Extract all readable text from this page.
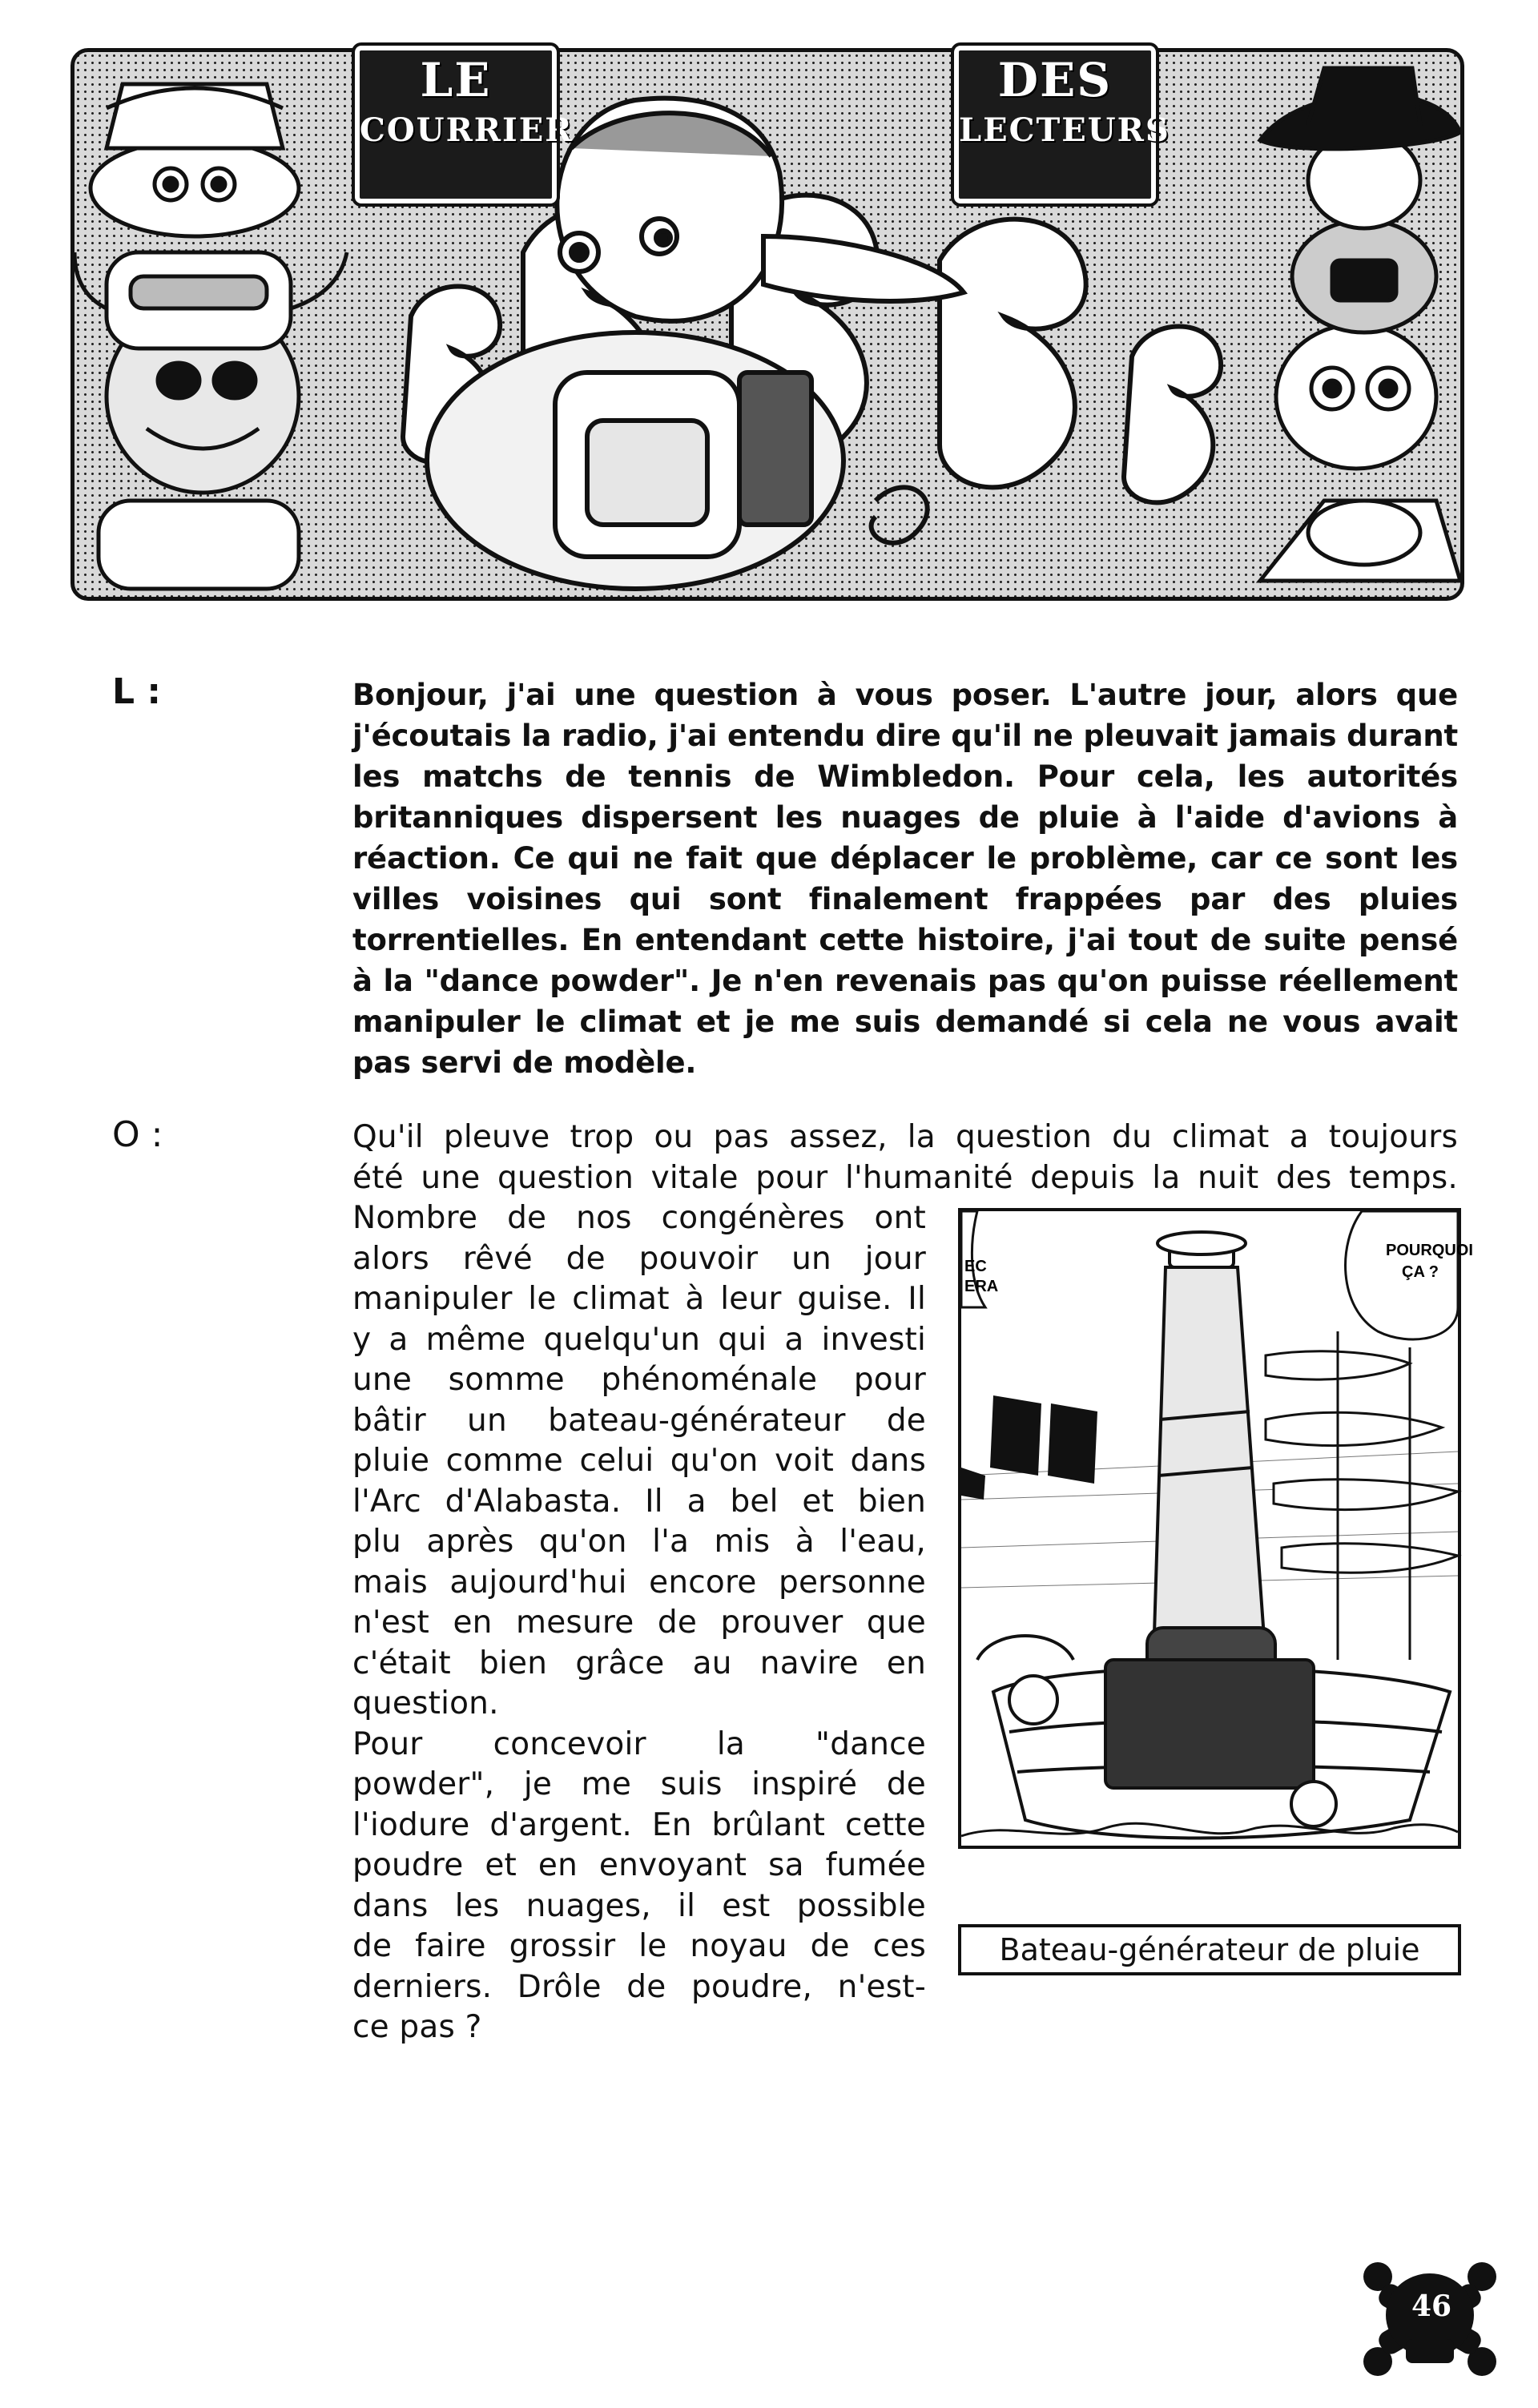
LE
COURRIER
DES
LECTEURS
L :	Bonjour, j'ai une question à vous poser. L'autre jour, alors que
j'écoutais la radio, j'ai entendu dire qu'il ne pleuvait jamais durant
les matchs de tennis de Wimbledon. Pour cela, les autorités
britanniques dispersent les nuages de pluie à l'aide d'avions à
réaction. Ce qui ne fait que déplacer le problème, car ce sont les
villes voisines qui sont finalement frappées par des pluies
torrentielles. En entendant cette histoire, j'ai tout de suite pensé
à la "dance powder". Je n'en revenais pas qu'on puisse réellement
manipuler le climat et je me suis demandé si cela ne vous avait
pas servi de modèle.
O :	Qu'il pleuve trop ou pas assez, la question du climat a toujours
été une question vitale pour l'humanité depuis la nuit des temps.
Nombre de nos congénères ont
alors rêvé de pouvoir un jour
manipuler le climat à leur guise. Il
y a même quelqu'un qui a investi
une somme phénoménale pour
bâtir un bateau-générateur de
pluie comme celui qu'on voit dans
l'Arc d'Alabasta. Il a bel et bien
plu après qu'on l'a mis à l'eau,
mais aujourd'hui encore personne
n'est en mesure de prouver que
c'était bien grâce au navire en
question.
Pour concevoir la "dance
powder", je me suis inspiré de
l'iodure d'argent. En brûlant cette
poudre et en envoyant sa fumée
dans les nuages, il est possible
de faire grossir le noyau de ces
derniers. Drôle de poudre, n'est-
ce pas ?
POURQUOI
ÇA ?
EC
ERA
Bateau-générateur de pluie
46
